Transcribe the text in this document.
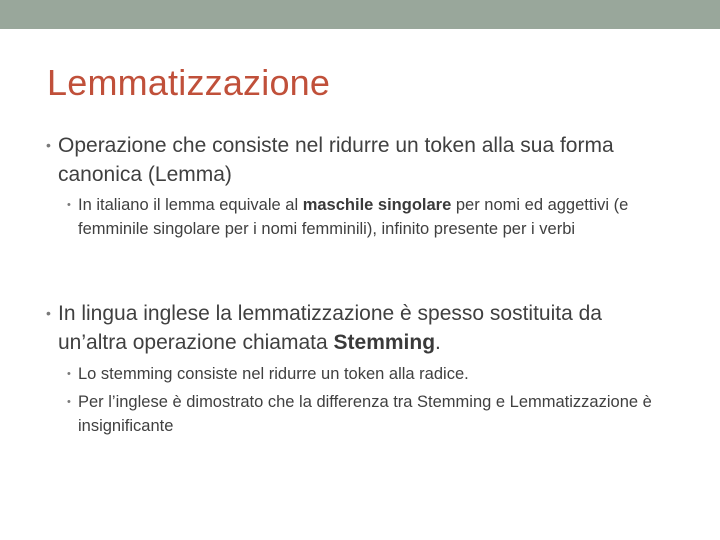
Lemmatizzazione
• Operazione che consiste nel ridurre un token alla sua forma canonica (Lemma)
• In italiano il lemma equivale al maschile singolare per nomi ed aggettivi (e femminile singolare per i nomi femminili), infinito presente per i verbi
• In lingua inglese la lemmatizzazione è spesso sostituita da un’altra operazione chiamata Stemming.
• Lo stemming consiste nel ridurre un token alla radice.
• Per l’inglese è dimostrato che la differenza tra Stemming e Lemmatizzazione è insignificante
